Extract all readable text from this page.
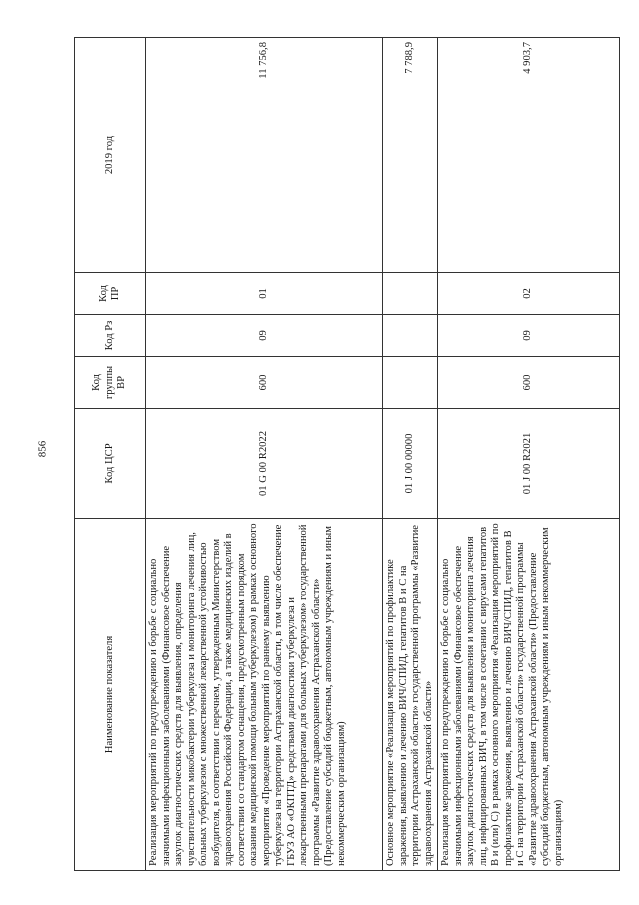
856
Наименование показателя	Код ЦСР	Код группы ВР	Код Рз	Код ПР	2019 год
Реализация мероприятий по предупреждению и борьбе с социально значимыми инфекционными заболеваниями (Финансовое обеспечение закупок диагностических средств для выявления, определения чувствительности микобактерии туберкулеза и мониторинга лечения лиц, больных туберкулезом с множественной лекарственной устойчивостью возбудителя, в соответствии с перечнем, утвержденным Министерством здравоохранения Российской Федерации, а также медицинских изделий в соответствии со стандартом оснащения, предусмотренным порядком оказания медицинской помощи больным туберкулезом) в рамках основного мероприятия «Проведение мероприятий по раннему выявлению туберкулеза на территории Астраханской области, в том числе обеспечение ГБУЗ АО «ОКПТД» средствами диагностики туберкулеза и лекарственными препаратами для больных туберкулезом» государственной программы «Развитие здравоохранения Астраханской области» (Предоставление субсидий бюджетным, автономным учреждениям и иным некоммерческим организациям)	01 G 00 R2022	600	09	01	11 756,8
Основное мероприятие «Реализация мероприятий по профилактике заражения, выявлению и лечению ВИЧ/СПИД, гепатитов В и С на территории Астраханской области» государственной программы «Развитие здравоохранения Астраханской области»	01 J 00 00000				7 788,9
Реализация мероприятий по предупреждению и борьбе с социально значимыми инфекционными заболеваниями (Финансовое обеспечение закупок диагностических средств для выявления и мониторинга лечения лиц, инфицированных ВИЧ, в том числе в сочетании с вирусами гепатитов В и (или) С) в рамках основного мероприятия «Реализация мероприятий по профилактике заражения, выявлению и лечению ВИЧ/СПИД, гепатитов В и С на территории Астраханской области» государственной программы «Развитие здравоохранения Астраханской области» (Предоставление субсидий бюджетным, автономным учреждениям и иным некоммерческим организациям)	01 J 00 R2021	600	09	02	4 903,7
